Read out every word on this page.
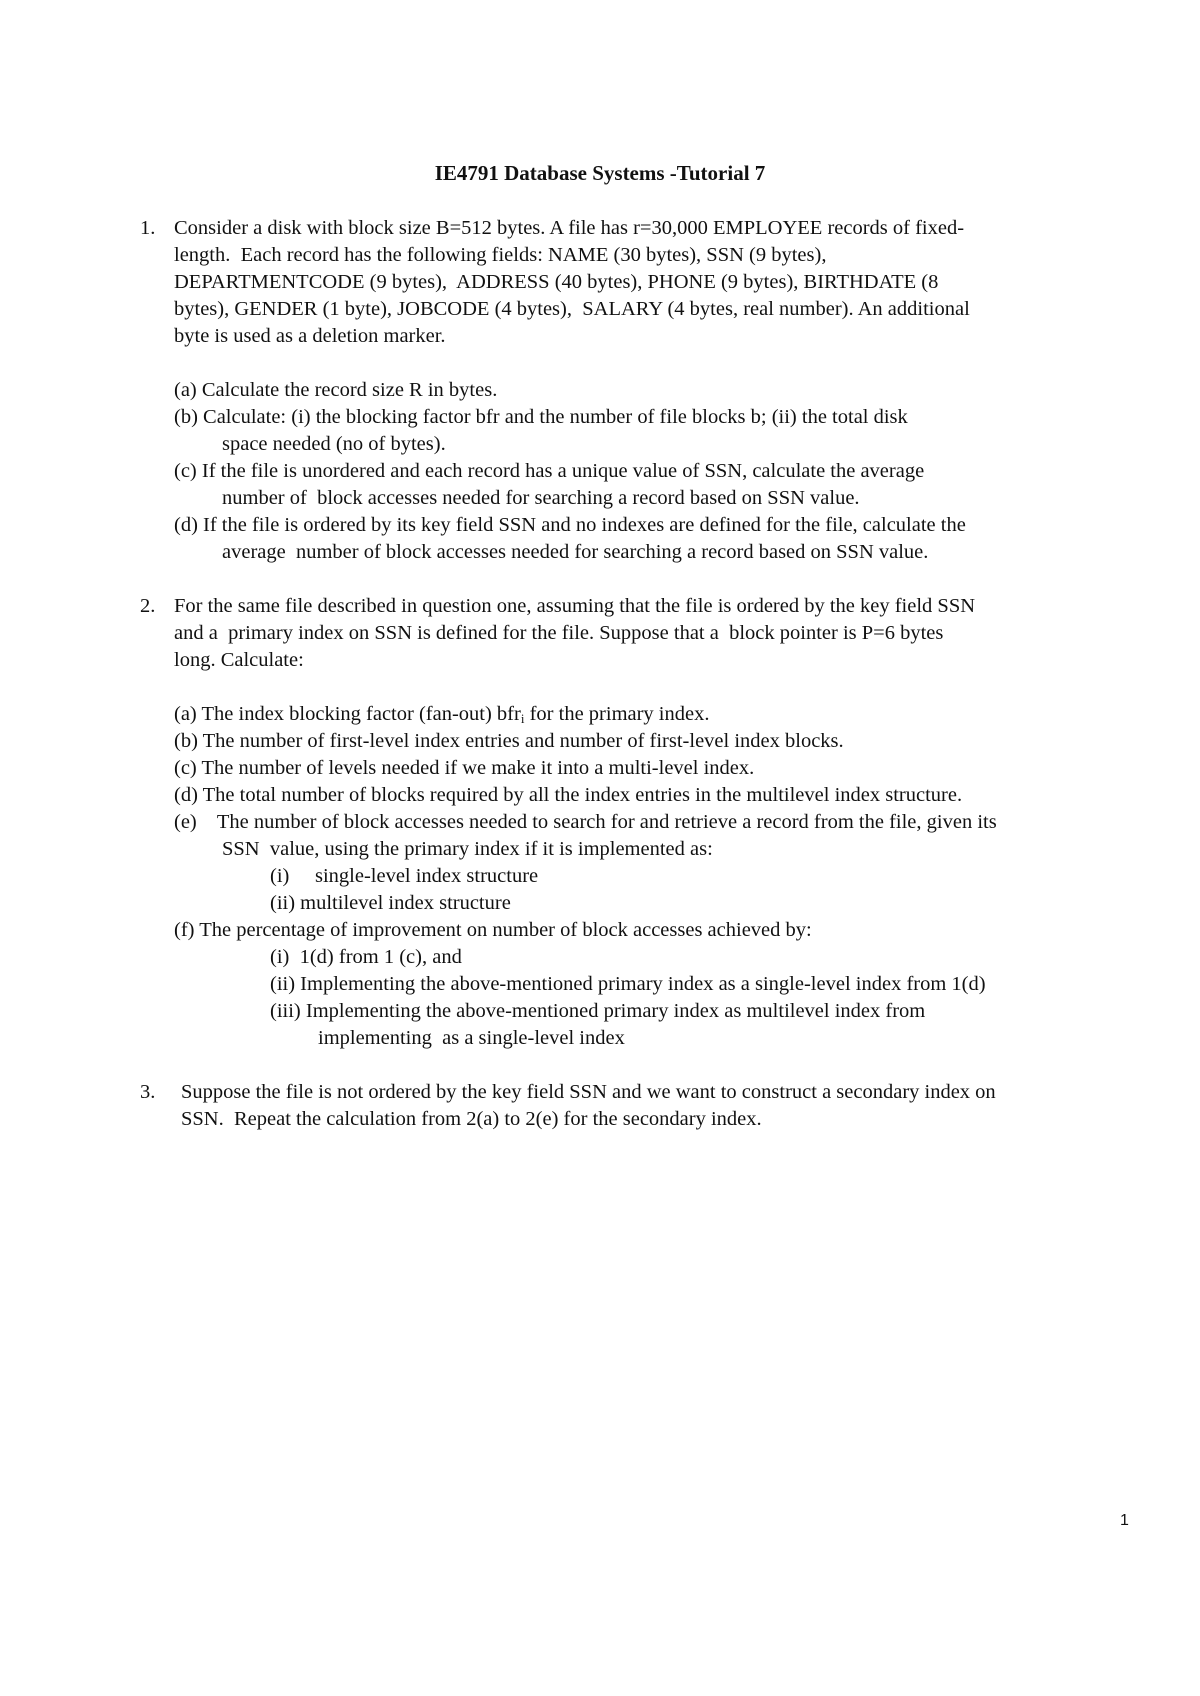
IE4791 Database Systems -Tutorial 7
1. Consider a disk with block size B=512 bytes. A file has r=30,000 EMPLOYEE records of fixed-
length.  Each record has the following fields: NAME (30 bytes), SSN (9 bytes),
DEPARTMENTCODE (9 bytes),  ADDRESS (40 bytes), PHONE (9 bytes), BIRTHDATE (8
bytes), GENDER (1 byte), JOBCODE (4 bytes),  SALARY (4 bytes, real number). An additional
byte is used as a deletion marker.
(a) Calculate the record size R in bytes.
(b) Calculate: (i) the blocking factor bfr and the number of file blocks b; (ii) the total disk
space needed (no of bytes).
(c) If the file is unordered and each record has a unique value of SSN, calculate the average
number of  block accesses needed for searching a record based on SSN value.
(d) If the file is ordered by its key field SSN and no indexes are defined for the file, calculate the
average  number of block accesses needed for searching a record based on SSN value.
2. For the same file described in question one, assuming that the file is ordered by the key field SSN
and a  primary index on SSN is defined for the file. Suppose that a  block pointer is P=6 bytes
long. Calculate:
(a) The index blocking factor (fan-out) bfr$_i$ for the primary index.
(b) The number of first-level index entries and number of first-level index blocks.
(c) The number of levels needed if we make it into a multi-level index.
(d) The total number of blocks required by all the index entries in the multilevel index structure.
(e)    The number of block accesses needed to search for and retrieve a record from the file, given its
SSN  value, using the primary index if it is implemented as:
(i)     single-level index structure
(ii) multilevel index structure
(f) The percentage of improvement on number of block accesses achieved by:
(i)  1(d) from 1 (c), and
(ii) Implementing the above-mentioned primary index as a single-level index from 1(d)
(iii) Implementing the above-mentioned primary index as multilevel index from
implementing  as a single-level index
3. Suppose the file is not ordered by the key field SSN and we want to construct a secondary index on
SSN.  Repeat the calculation from 2(a) to 2(e) for the secondary index.
1
